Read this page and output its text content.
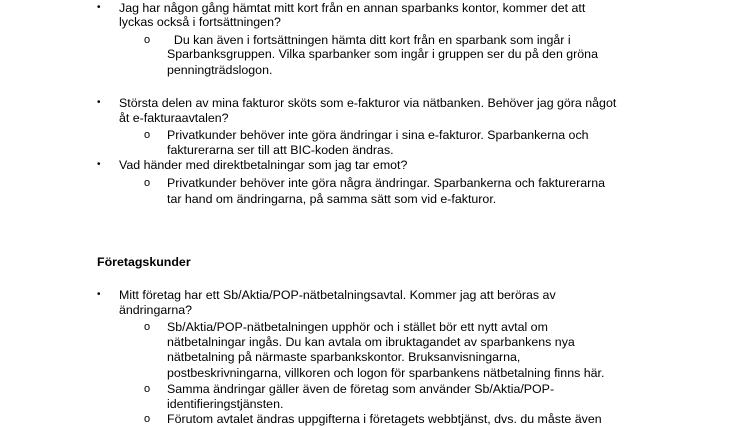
• Jag har någon gång hämtat mitt kort från en annan sparbanks kontor, kommer det att
lyckas också i fortsättningen?
o Du kan även i fortsättningen hämta ditt kort från en sparbank som ingår i
Sparbanksgruppen. Vilka sparbanker som ingår i gruppen ser du på den gröna
penningträdslogon.
• Största delen av mina fakturor sköts som e-fakturor via nätbanken. Behöver jag göra något
åt e-fakturaavtalen?
o Privatkunder behöver inte göra ändringar i sina e-fakturor. Sparbankerna och
fakturerarna ser till att BIC-koden ändras.
• Vad händer med direktbetalningar som jag tar emot?
o Privatkunder behöver inte göra några ändringar. Sparbankerna och fakturerarna
tar hand om ändringarna, på samma sätt som vid e-fakturor.
Företagskunder
• Mitt företag har ett Sb/Aktia/POP-nätbetalningsavtal. Kommer jag att beröras av
ändringarna?
o Sb/Aktia/POP-nätbetalningen upphör och i stället bör ett nytt avtal om
nätbetalningar ingås. Du kan avtala om ibruktagandet av sparbankens nya
nätbetalning på närmaste sparbankskontor. Bruksanvisningarna,
postbeskrivningarna, villkoren och logon för sparbankens nätbetalning finns här.
o Samma ändringar gäller även de företag som använder Sb/Aktia/POP-
identifieringstjänsten.
o Förutom avtalet ändras uppgifterna i företagets webbtjänst, dvs. du måste även
